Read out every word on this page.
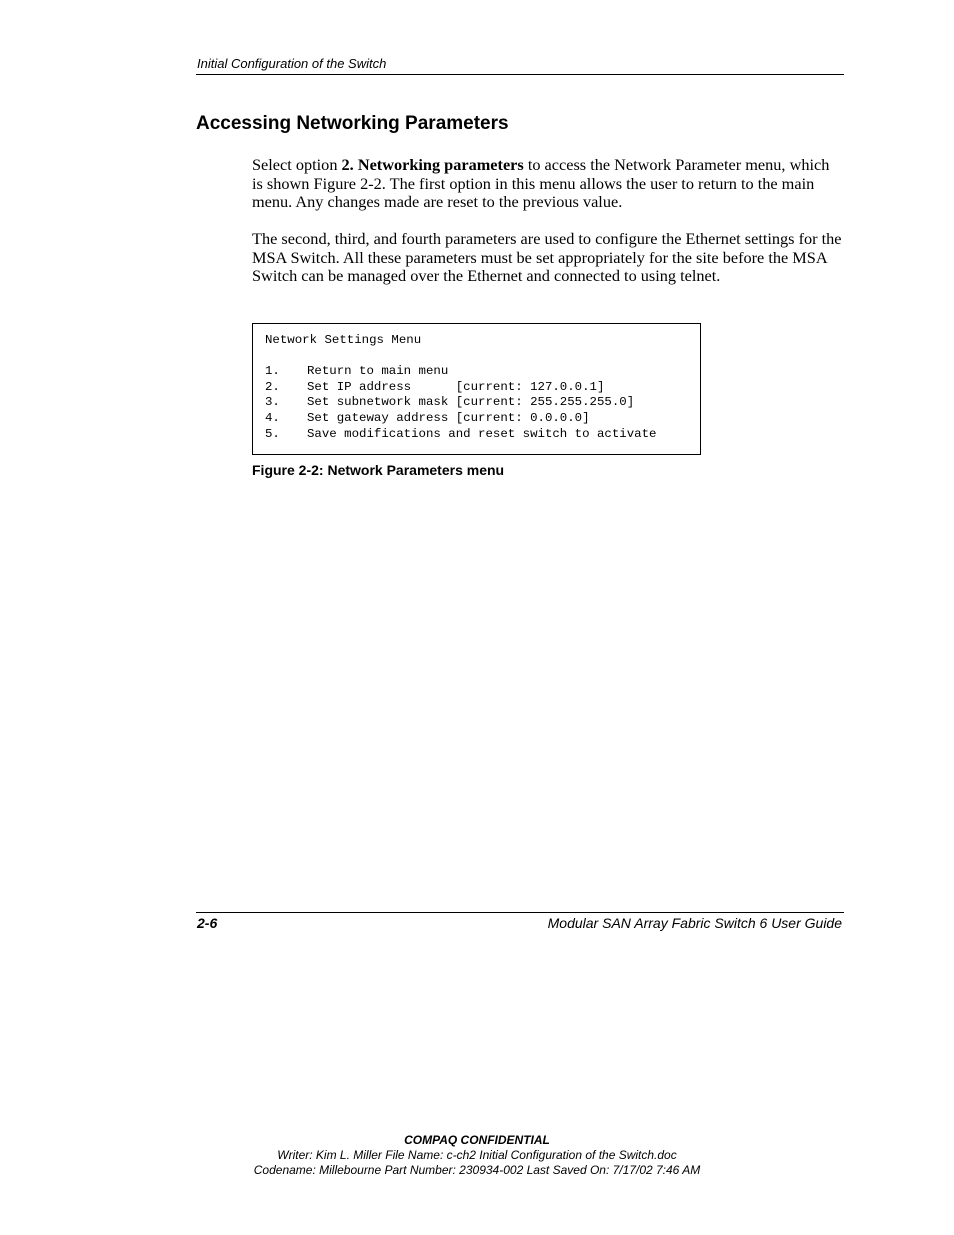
Initial Configuration of the Switch
Accessing Networking Parameters

Select option 2. Networking parameters to access the Network Parameter menu, which is shown Figure 2-2. The first option in this menu allows the user to return to the main menu. Any changes made are reset to the previous value.

The second, third, and fourth parameters are used to configure the Ethernet settings for the MSA Switch. All these parameters must be set appropriately for the site before the MSA Switch can be managed over the Ethernet and connected to using telnet.

Network Settings Menu
1. Return to main menu
2. Set IP address      [current: 127.0.0.1]
3. Set subnetwork mask [current: 255.255.255.0]
4. Set gateway address [current: 0.0.0.0]
5. Save modifications and reset switch to activate
Figure 2-2: Network Parameters menu
2-6	Modular SAN Array Fabric Switch 6 User Guide
COMPAQ CONFIDENTIAL
Writer: Kim L. Miller File Name: c-ch2 Initial Configuration of the Switch.doc
Codename: Millebourne Part Number: 230934-002 Last Saved On: 7/17/02 7:46 AM
